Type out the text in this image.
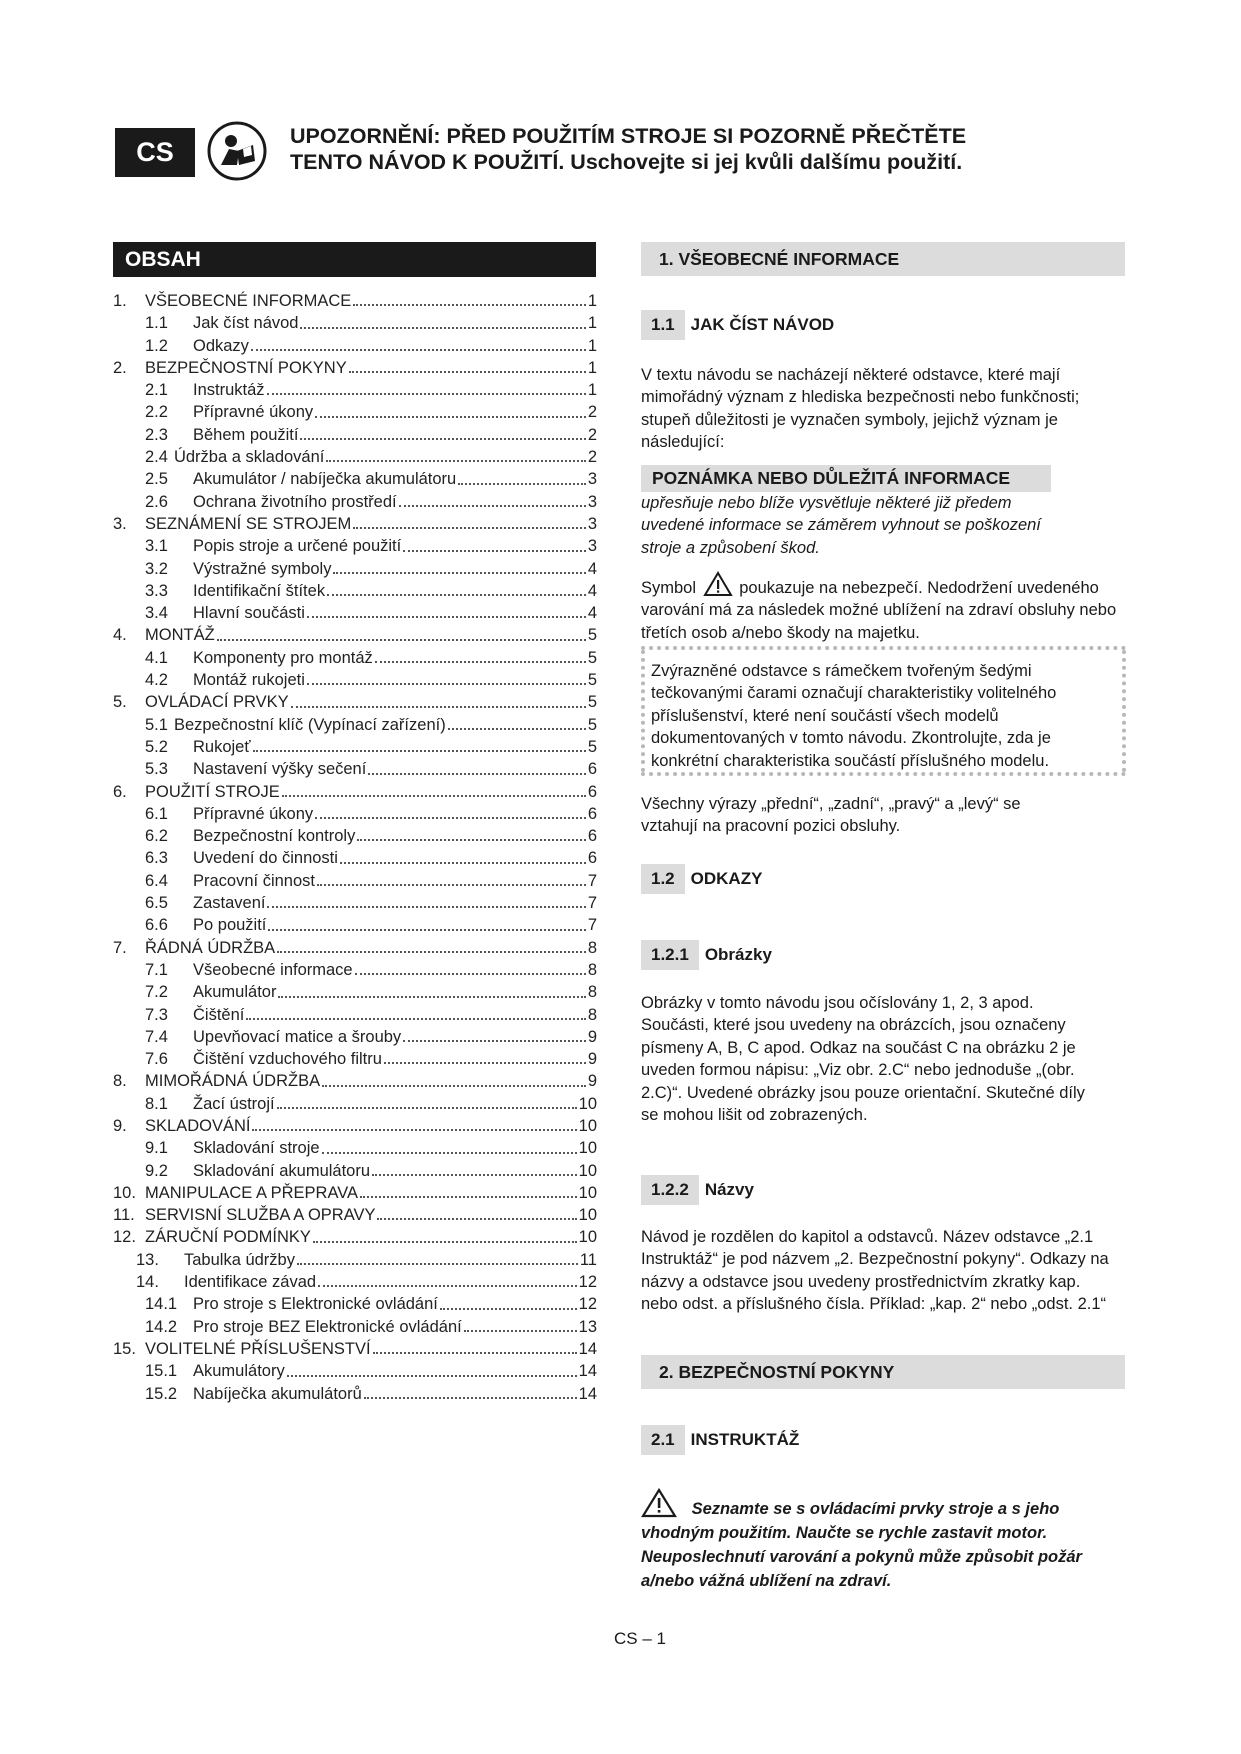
CS
UPOZORNĚNÍ: PŘED POUŽITÍM STROJE SI POZORNĚ PŘEČTĚTE
TENTO NÁVOD K POUŽITÍ. Uschovejte si jej kvůli dalšímu použití.
OBSAH
1.	VŠEOBECNÉ INFORMACE	1
1.1	Jak číst návod	1
1.2	Odkazy	1
2.	BEZPEČNOSTNÍ POKYNY	1
2.1	Instruktáž	1
2.2	Přípravné úkony	2
2.3	Během použití	2
2.4 Údržba a skladování	2
2.5	Akumulátor / nabíječka akumulátoru	3
2.6	Ochrana životního prostředí	3
3.	SEZNÁMENÍ SE STROJEM	3
3.1	Popis stroje a určené použití	3
3.2	Výstražné symboly	4
3.3	Identifikační štítek	4
3.4	Hlavní součásti	4
4.	MONTÁŽ	5
4.1	Komponenty pro montáž	5
4.2	Montáž rukojeti	5
5.	OVLÁDACÍ PRVKY	5
5.1 Bezpečnostní klíč (Vypínací zařízení)	5
5.2	Rukojeť	5
5.3	Nastavení výšky sečení	6
6.	POUŽITÍ STROJE	6
6.1	Přípravné úkony	6
6.2	Bezpečnostní kontroly	6
6.3	Uvedení do činnosti	6
6.4	Pracovní činnost	7
6.5	Zastavení	7
6.6	Po použití	7
7.	ŘÁDNÁ ÚDRŽBA	8
7.1	Všeobecné informace	8
7.2	Akumulátor	8
7.3	Čištění	8
7.4	Upevňovací matice a šrouby	9
7.6	Čištění vzduchového filtru	9
8.	MIMOŘÁDNÁ ÚDRŽBA	9
8.1	Žací ústrojí	10
9.	SKLADOVÁNÍ	10
9.1	Skladování stroje	10
9.2	Skladování akumulátoru	10
10. MANIPULACE A PŘEPRAVA	10
11. SERVISNÍ SLUŽBA A OPRAVY	10
12. ZÁRUČNÍ PODMÍNKY	10
13.	Tabulka údržby	11
14.	Identifikace závad	12
14.1 Pro stroje s Elektronické ovládání	12
14.2 Pro stroje BEZ Elektronické ovládání	13
15. VOLITELNÉ PŘÍSLUŠENSTVÍ	14
15.1 Akumulátory	14
15.2 Nabíječka akumulátorů	14
1. VŠEOBECNÉ INFORMACE
1.1 JAK ČÍST NÁVOD
V textu návodu se nacházejí některé odstavce, které mají mimořádný význam z hlediska bezpečnosti nebo funkčnosti; stupeň důležitosti je vyznačen symboly, jejichž význam je následující:
POZNÁMKA NEBO DŮLEŽITÁ INFORMACE
upřesňuje nebo blíže vysvětluje některé již předem uvedené informace se záměrem vyhnout se poškození stroje a způsobení škod.
Symbol	poukazuje na nebezpečí. Nedodržení uvedeného varování má za následek možné ublížení na zdraví obsluhy nebo třetích osob a/nebo škody na majetku.
Zvýrazněné odstavce s rámečkem tvořeným šedými tečkovanými čarami označují charakteristiky volitelného příslušenství, které není součástí všech modelů dokumentovaných v tomto návodu. Zkontrolujte, zda je konkrétní charakteristika součástí příslušného modelu.
Všechny výrazy „přední“, „zadní“, „pravý“ a „levý“ se vztahují na pracovní pozici obsluhy.
1.2 ODKAZY
1.2.1 Obrázky
Obrázky v tomto návodu jsou očíslovány 1, 2, 3 apod. Součásti, které jsou uvedeny na obrázcích, jsou označeny písmeny A, B, C apod. Odkaz na součást C na obrázku 2 je uveden formou nápisu: „Viz obr. 2.C“ nebo jednoduše „(obr. 2.C)“. Uvedené obrázky jsou pouze orientační. Skutečné díly se mohou lišit od zobrazených.
1.2.2 Názvy
Návod je rozdělen do kapitol a odstavců. Název odstavce „2.1 Instruktáž“ je pod názvem „2. Bezpečnostní pokyny“. Odkazy na názvy a odstavce jsou uvedeny prostřednictvím zkratky kap. nebo odst. a příslušného čísla. Příklad: „kap. 2“ nebo „odst. 2.1“
2. BEZPEČNOSTNÍ POKYNY
2.1 INSTRUKTÁŽ
Seznamte se s ovládacími prvky stroje a s jeho vhodným použitím. Naučte se rychle zastavit motor. Neuposlechnutí varování a pokynů může způsobit požár a/nebo vážná ublížení na zdraví.
CS – 1
